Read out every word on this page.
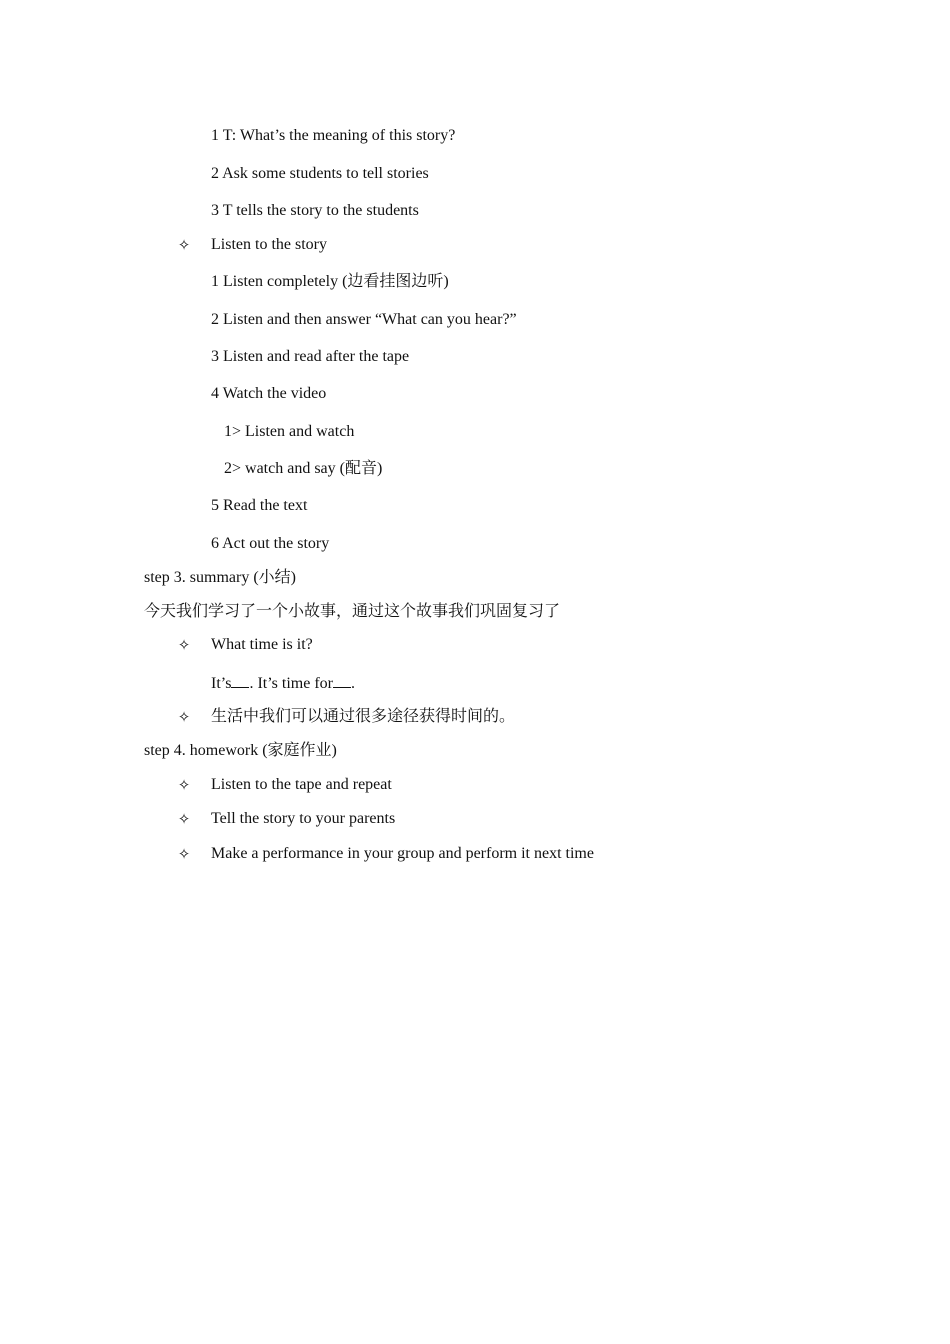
1 T: What’s the meaning of this story?
2 Ask some students to tell stories
3 T tells the story to the students
✧ Listen to the story
1 Listen completely (边看挂图边听)
2 Listen and then answer “What can you hear?”
3 Listen and read after the tape
4 Watch the video
1> Listen and watch
2> watch and say (配音)
5 Read the text
6 Act out the story
step 3. summary (小结)
今天我们学习了一个小故事，通过这个故事我们巩固复习了
✧ What time is it?
It’s . It’s time for .
✧ 生活中我们可以通过很多途径获得时间的。
step 4. homework (家庭作业)
✧ Listen to the tape and repeat
✧ Tell the story to your parents
✧ Make a performance in your group and perform it next time
